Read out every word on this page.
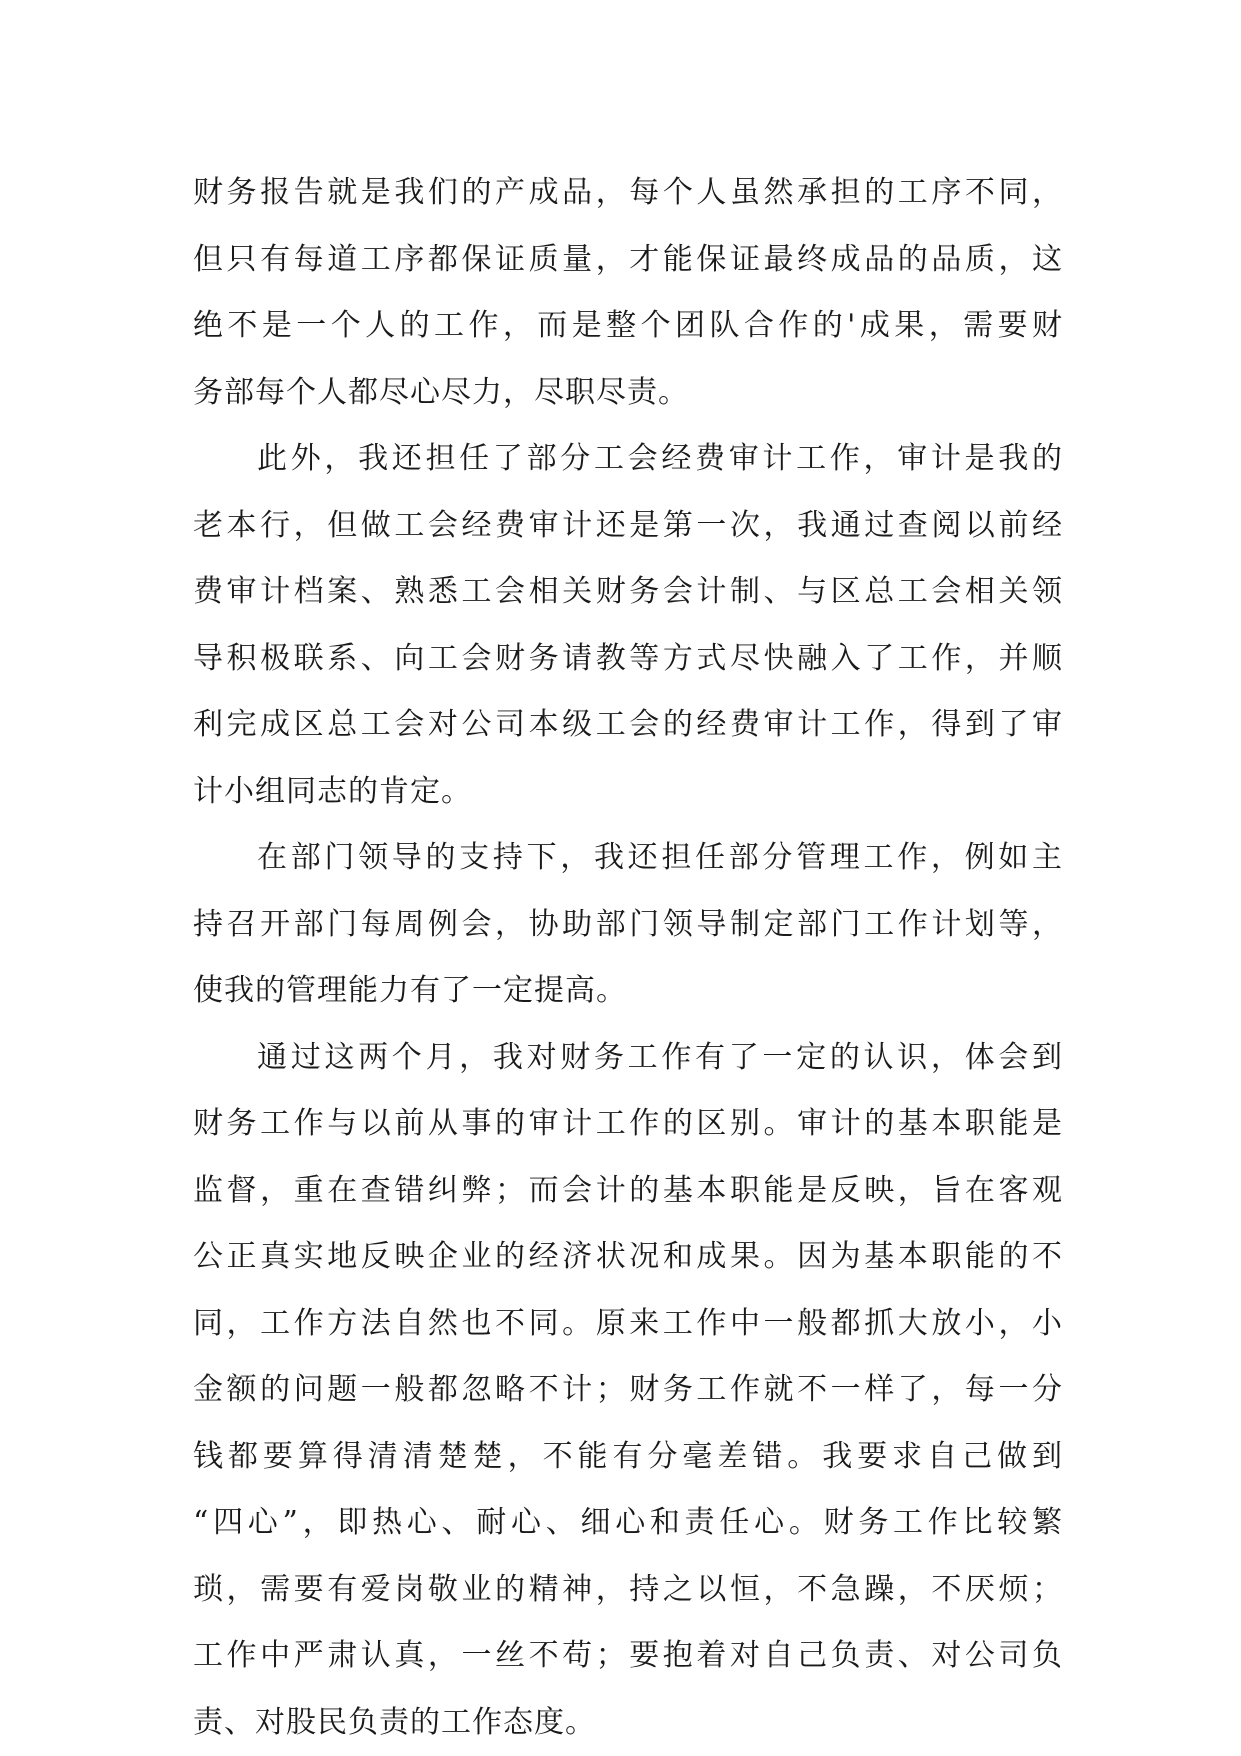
财务报告就是我们的产成品，每个人虽然承担的工序不同，
但只有每道工序都保证质量，才能保证最终成品的品质，这
绝不是一个人的工作，而是整个团队合作的'成果，需要财
务部每个人都尽心尽力，尽职尽责。
此外，我还担任了部分工会经费审计工作，审计是我的
老本行，但做工会经费审计还是第一次，我通过查阅以前经
费审计档案、熟悉工会相关财务会计制、与区总工会相关领
导积极联系、向工会财务请教等方式尽快融入了工作，并顺
利完成区总工会对公司本级工会的经费审计工作，得到了审
计小组同志的肯定。
在部门领导的支持下，我还担任部分管理工作，例如主
持召开部门每周例会，协助部门领导制定部门工作计划等，
使我的管理能力有了一定提高。
通过这两个月，我对财务工作有了一定的认识，体会到
财务工作与以前从事的审计工作的区别。审计的基本职能是
监督，重在查错纠弊；而会计的基本职能是反映，旨在客观
公正真实地反映企业的经济状况和成果。因为基本职能的不
同，工作方法自然也不同。原来工作中一般都抓大放小，小
金额的问题一般都忽略不计；财务工作就不一样了，每一分
钱都要算得清清楚楚，不能有分毫差错。我要求自己做到
“四心”，即热心、耐心、细心和责任心。财务工作比较繁
琐，需要有爱岗敬业的精神，持之以恒，不急躁，不厌烦；
工作中严肃认真，一丝不苟；要抱着对自己负责、对公司负
责、对股民负责的工作态度。
